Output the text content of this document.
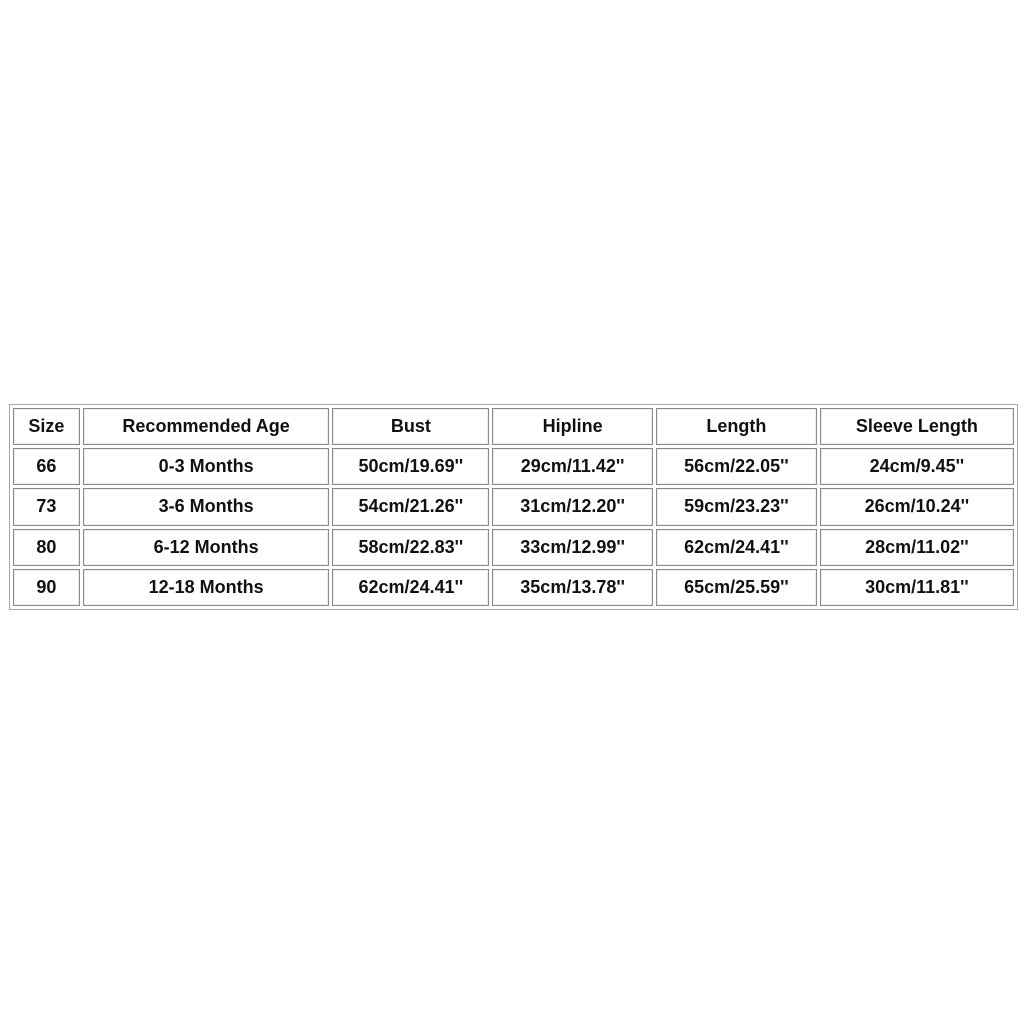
Size	Recommended Age	Bust	Hipline	Length	Sleeve Length
66	0-3 Months	50cm/19.69''	29cm/11.42''	56cm/22.05''	24cm/9.45''
73	3-6 Months	54cm/21.26''	31cm/12.20''	59cm/23.23''	26cm/10.24''
80	6-12 Months	58cm/22.83''	33cm/12.99''	62cm/24.41''	28cm/11.02''
90	12-18 Months	62cm/24.41''	35cm/13.78''	65cm/25.59''	30cm/11.81''
